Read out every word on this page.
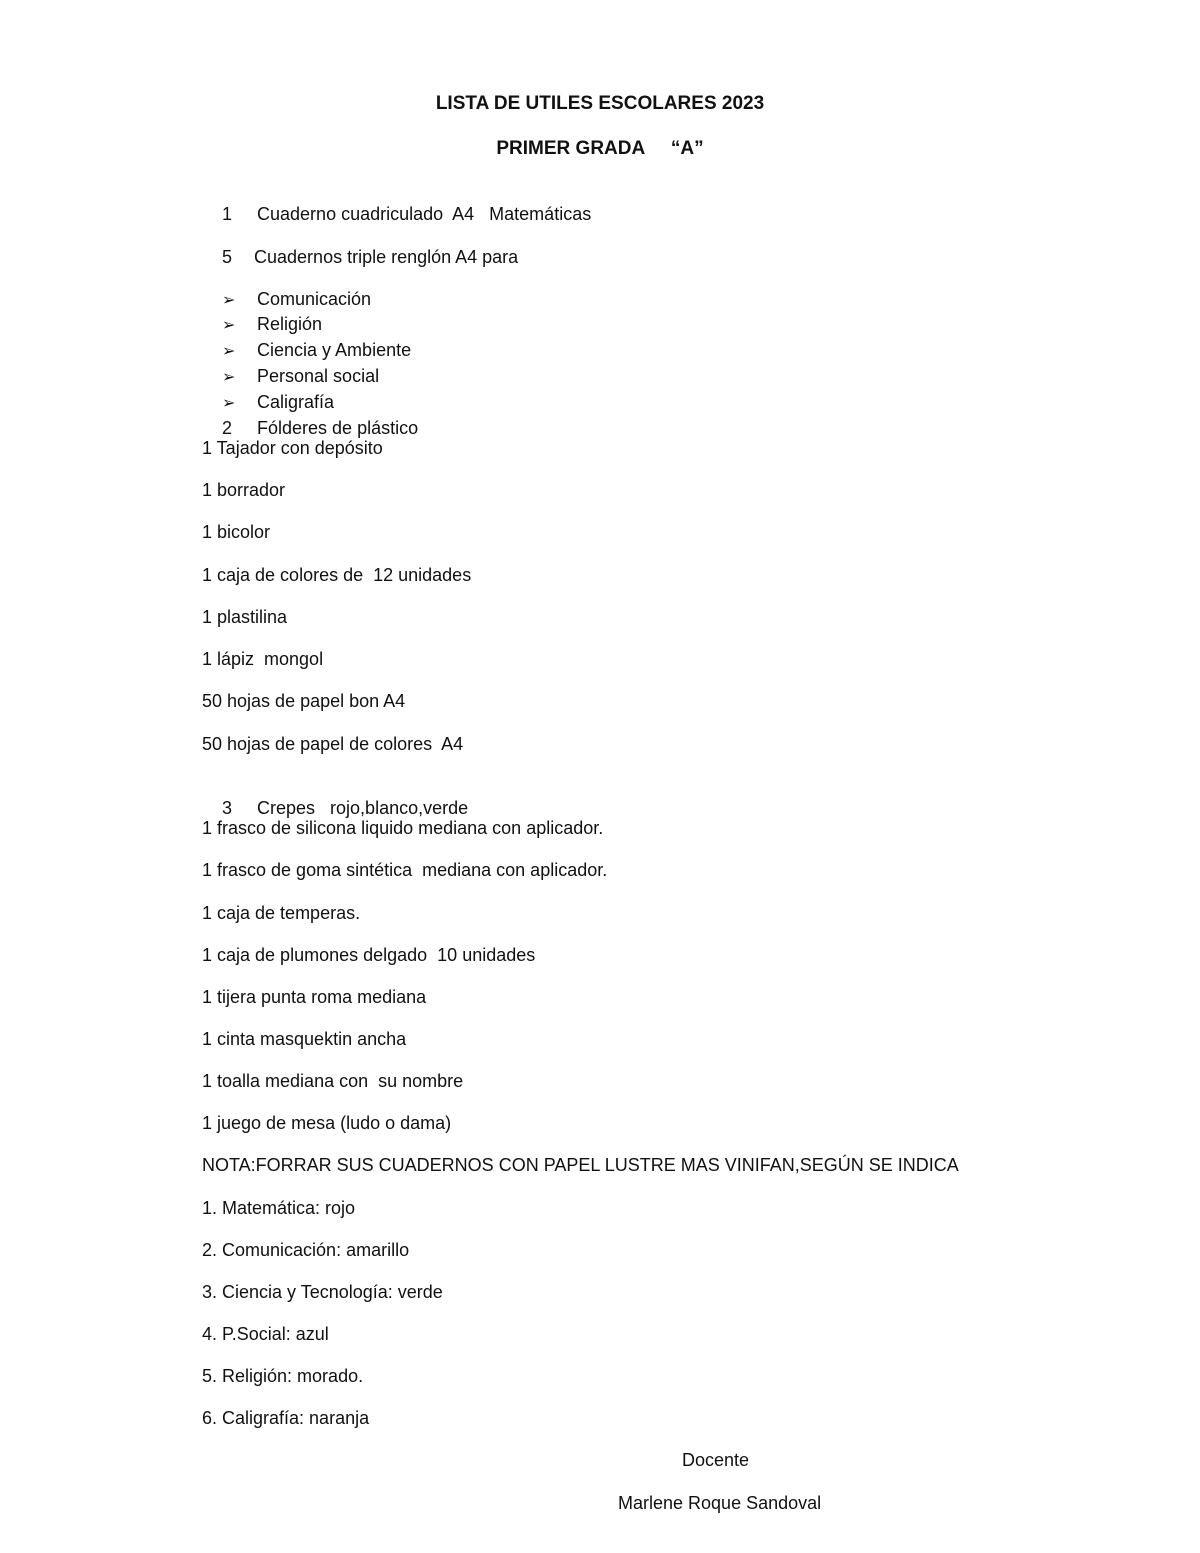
LISTA DE UTILES ESCOLARES 2023
PRIMER GRADA     “A”

1 Cuaderno cuadriculado  A4   Matemáticas

5 Cuadernos triple renglón A4 para

➢ Comunicación

➢ Religión

➢ Ciencia y Ambiente

➢ Personal social

➢ Caligrafía

2 Fólderes de plástico

1 Tajador con depósito
1 borrador
1 bicolor
1 caja de colores de  12 unidades
1 plastilina
1 lápiz  mongol
50 hojas de papel bon A4
50 hojas de papel de colores  A4

3 Crepes   rojo,blanco,verde

1 frasco de silicona liquido mediana con aplicador.
1 frasco de goma sintética  mediana con aplicador.
1 caja de temperas.
1 caja de plumones delgado  10 unidades
1 tijera punta roma mediana
1 cinta masquektin ancha
1 toalla mediana con  su nombre
1 juego de mesa (ludo o dama)
NOTA:FORRAR SUS CUADERNOS CON PAPEL LUSTRE MAS VINIFAN,SEGÚN SE INDICA
1. Matemática: rojo
2. Comunicación: amarillo
3. Ciencia y Tecnología: verde
4. P.Social: azul
5. Religión: morado.
6. Caligrafía: naranja
Docente
Marlene Roque Sandoval
